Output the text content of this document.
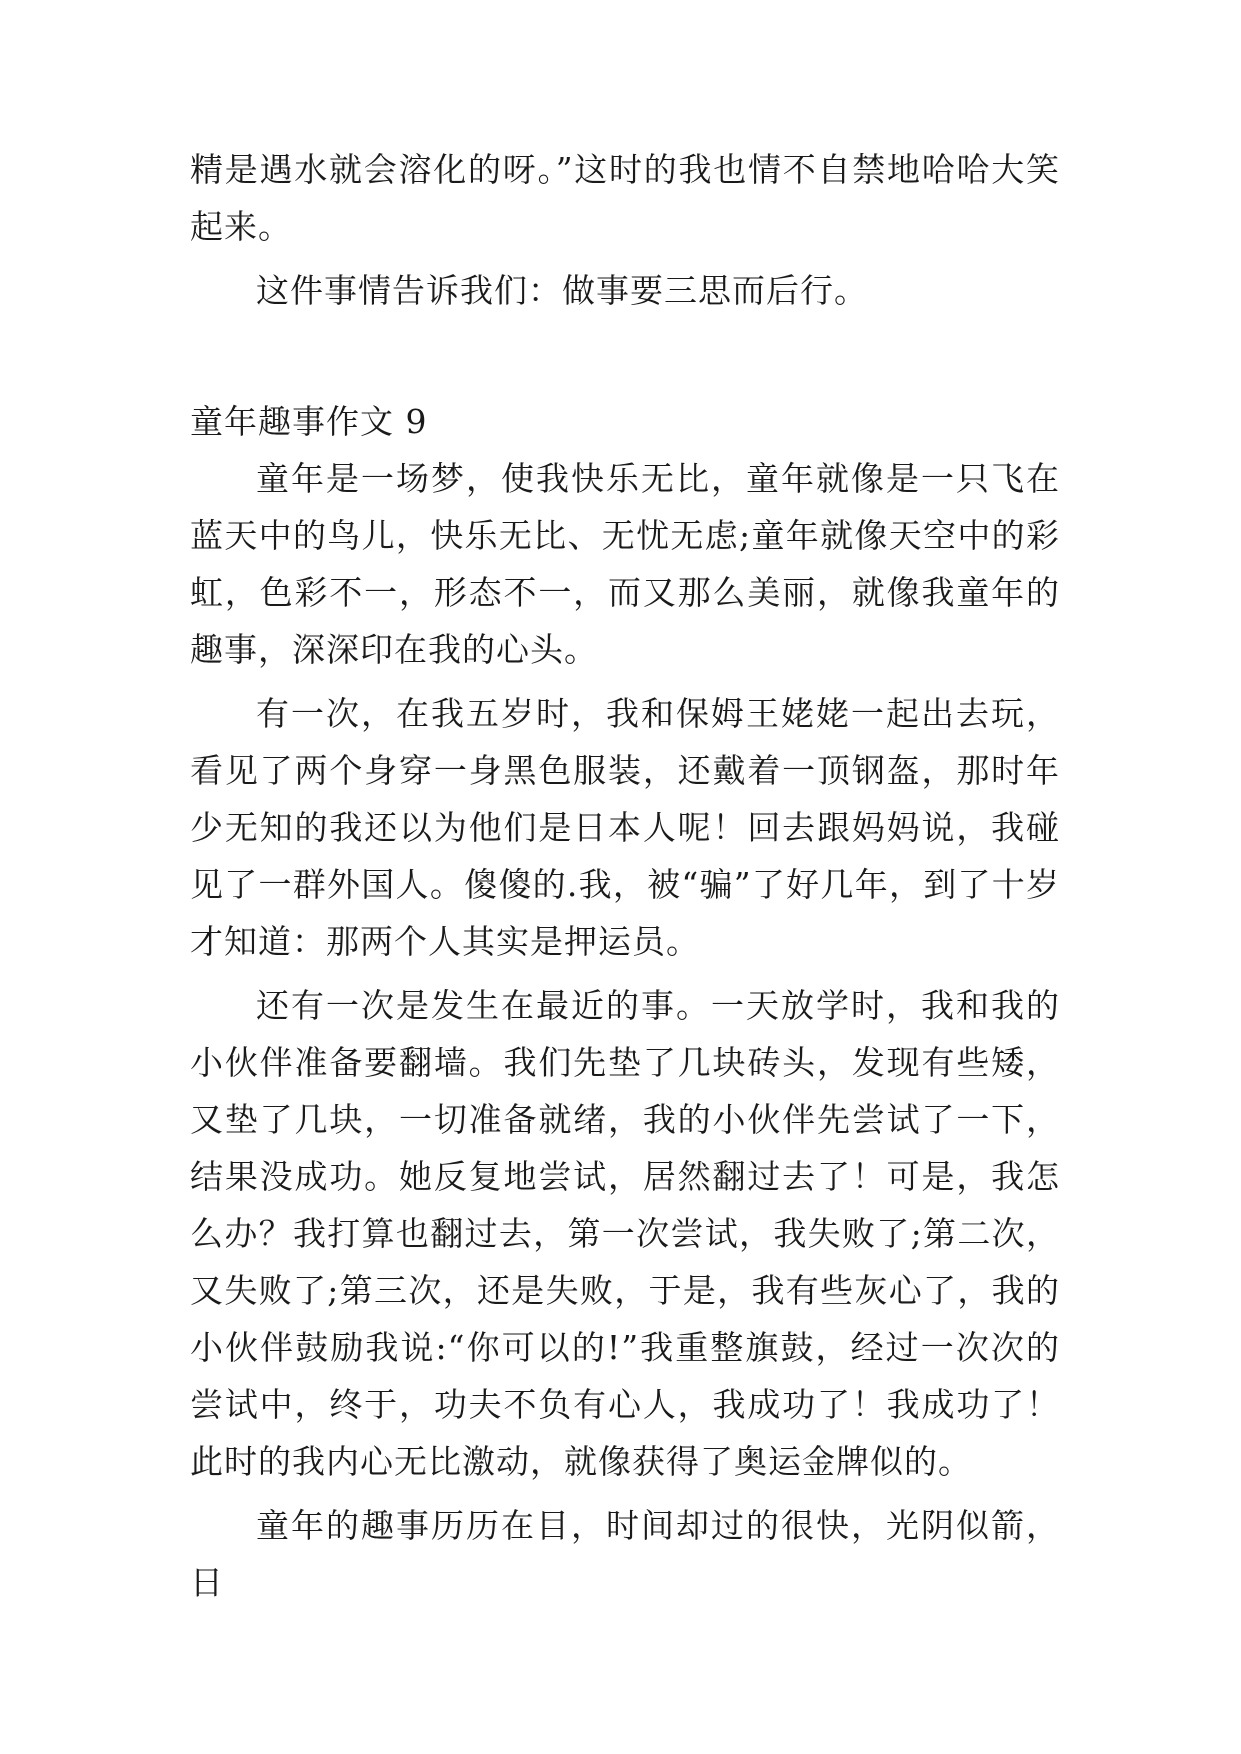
精是遇水就会溶化的呀。”这时的我也情不自禁地哈哈大笑起来。

这件事情告诉我们：做事要三思而后行。

童年趣事作文 9

童年是一场梦，使我快乐无比，童年就像是一只飞在蓝天中的鸟儿，快乐无比、无忧无虑;童年就像天空中的彩虹，色彩不一，形态不一，而又那么美丽，就像我童年的趣事，深深印在我的心头。

有一次，在我五岁时，我和保姆王姥姥一起出去玩，看见了两个身穿一身黑色服装，还戴着一顶钢盔，那时年少无知的我还以为他们是日本人呢！回去跟妈妈说，我碰见了一群外国人。傻傻的.我，被“骗”了好几年，到了十岁才知道：那两个人其实是押运员。

还有一次是发生在最近的事。一天放学时，我和我的小伙伴准备要翻墙。我们先垫了几块砖头，发现有些矮，又垫了几块，一切准备就绪，我的小伙伴先尝试了一下，结果没成功。她反复地尝试，居然翻过去了！可是，我怎么办？我打算也翻过去，第一次尝试，我失败了;第二次，又失败了;第三次，还是失败，于是，我有些灰心了，我的小伙伴鼓励我说:“你可以的!”我重整旗鼓，经过一次次的尝试中，终于，功夫不负有心人，我成功了！我成功了！此时的我内心无比激动，就像获得了奥运金牌似的。

童年的趣事历历在目，时间却过的很快，光阴似箭，日
